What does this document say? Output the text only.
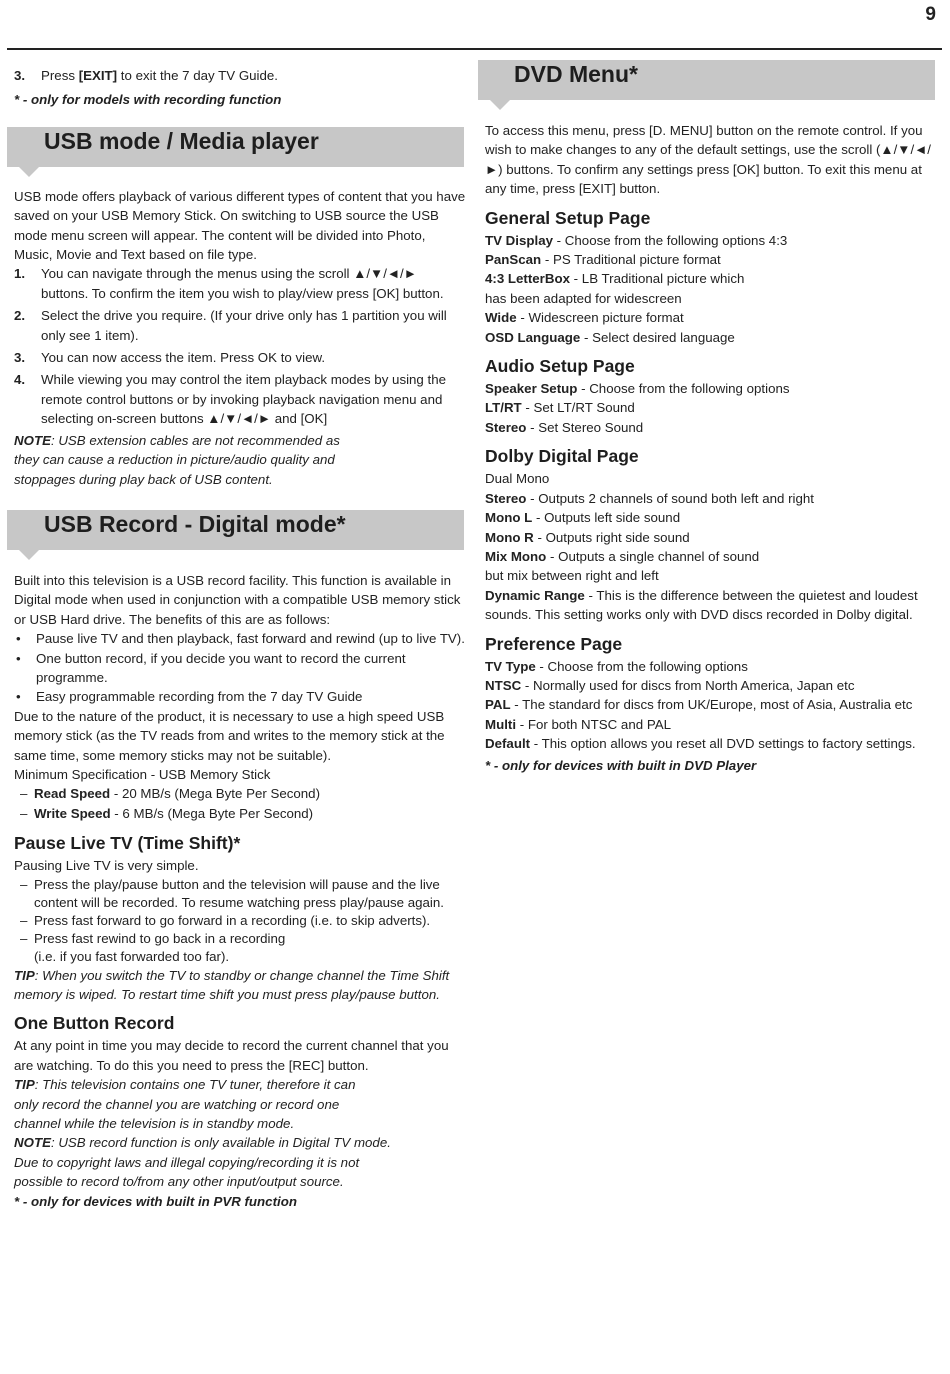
9
3.	Press [EXIT] to exit the 7 day TV Guide.

* - only for models with recording function

USB mode / Media player

USB mode offers playback of various different types of content that you have saved on your USB Memory Stick. On switching to USB source the USB mode menu screen will appear. The content will be divided into Photo, Music, Movie and Text based on file type.

1.	You can navigate through the menus using the scroll ▲/▼/◄/► buttons. To confirm the item you wish to play/view press [OK] button.
2.	Select the drive you require. (If your drive only has 1 partition you will only see 1 item).
3.	You can now access the item. Press OK to view.
4.	While viewing you may control the item playback modes by using the remote control buttons or by invoking playback navigation menu and selecting on-screen buttons ▲/▼/◄/► and [OK]

NOTE: USB extension cables are not recommended as
they can cause a reduction in picture/audio quality and
stoppages during play back of USB content.

USB Record - Digital mode*

Built into this television is a USB record facility. This function is available in Digital mode when used in conjunction with a compatible USB memory stick or USB Hard drive. The benefits of this are as follows:

•	Pause live TV and then playback, fast forward and rewind (up to live TV).
•	One button record, if you decide you want to record the current programme.
•	Easy programmable recording from the 7 day TV Guide

Due to the nature of the product, it is necessary to use a high speed USB memory stick (as the TV reads from and writes to the memory stick at the same time, some memory sticks may not be suitable).

Minimum Specification - USB Memory Stick

– Read Speed - 20 MB/s (Mega Byte Per Second)
– Write Speed - 6 MB/s (Mega Byte Per Second)
Pause Live TV (Time Shift)*

Pausing Live TV is very simple.

– Press the play/pause button and the television will pause and the live content will be recorded. To resume watching press play/pause again.
– Press fast forward to go forward in a recording (i.e. to skip adverts).
– Press fast rewind to go back in a recording (i.e. if you fast forwarded too far).

TIP: When you switch the TV to standby or change channel the Time Shift
memory is wiped. To restart time shift you must press play/pause button.

One Button Record

At any point in time you may decide to record the current channel that you are watching. To do this you need to press the [REC] button.

TIP: This television contains one TV tuner, therefore it can
only record the channel you are watching or record one
channel while the television is in standby mode.

NOTE: USB record function is only available in Digital TV mode.
Due to copyright laws and illegal copying/recording it is not
possible to record to/from any other input/output source.

* - only for devices with built in PVR function

DVD Menu*

To access this menu, press [D. MENU] button on the remote control. If you wish to make changes to any of the default settings, use the scroll (▲/▼/◄/►) buttons. To confirm any settings press [OK] button. To exit this menu at any time, press [EXIT] button.

General Setup Page

TV Display - Choose from the following options 4:3

PanScan - PS Traditional picture format

4:3 LetterBox - LB Traditional picture which

has been adapted for widescreen

Wide - Widescreen picture format

OSD Language - Select desired language

Audio Setup Page

Speaker Setup - Choose from the following options

LT/RT - Set LT/RT Sound

Stereo - Set Stereo Sound

Dolby Digital Page

Dual Mono

Stereo - Outputs 2 channels of sound both left and right

Mono L - Outputs left side sound

Mono R - Outputs right side sound

Mix Mono - Outputs a single channel of sound

but mix between right and left

Dynamic Range - This is the difference between the quietest and loudest sounds. This setting works only with DVD discs recorded in Dolby digital.

Preference Page

TV Type - Choose from the following options

NTSC - Normally used for discs from North America, Japan etc

PAL - The standard for discs from UK/Europe, most of Asia, Australia etc

Multi - For both NTSC and PAL

Default - This option allows you reset all DVD settings to factory settings.

* - only for devices with built in DVD Player
